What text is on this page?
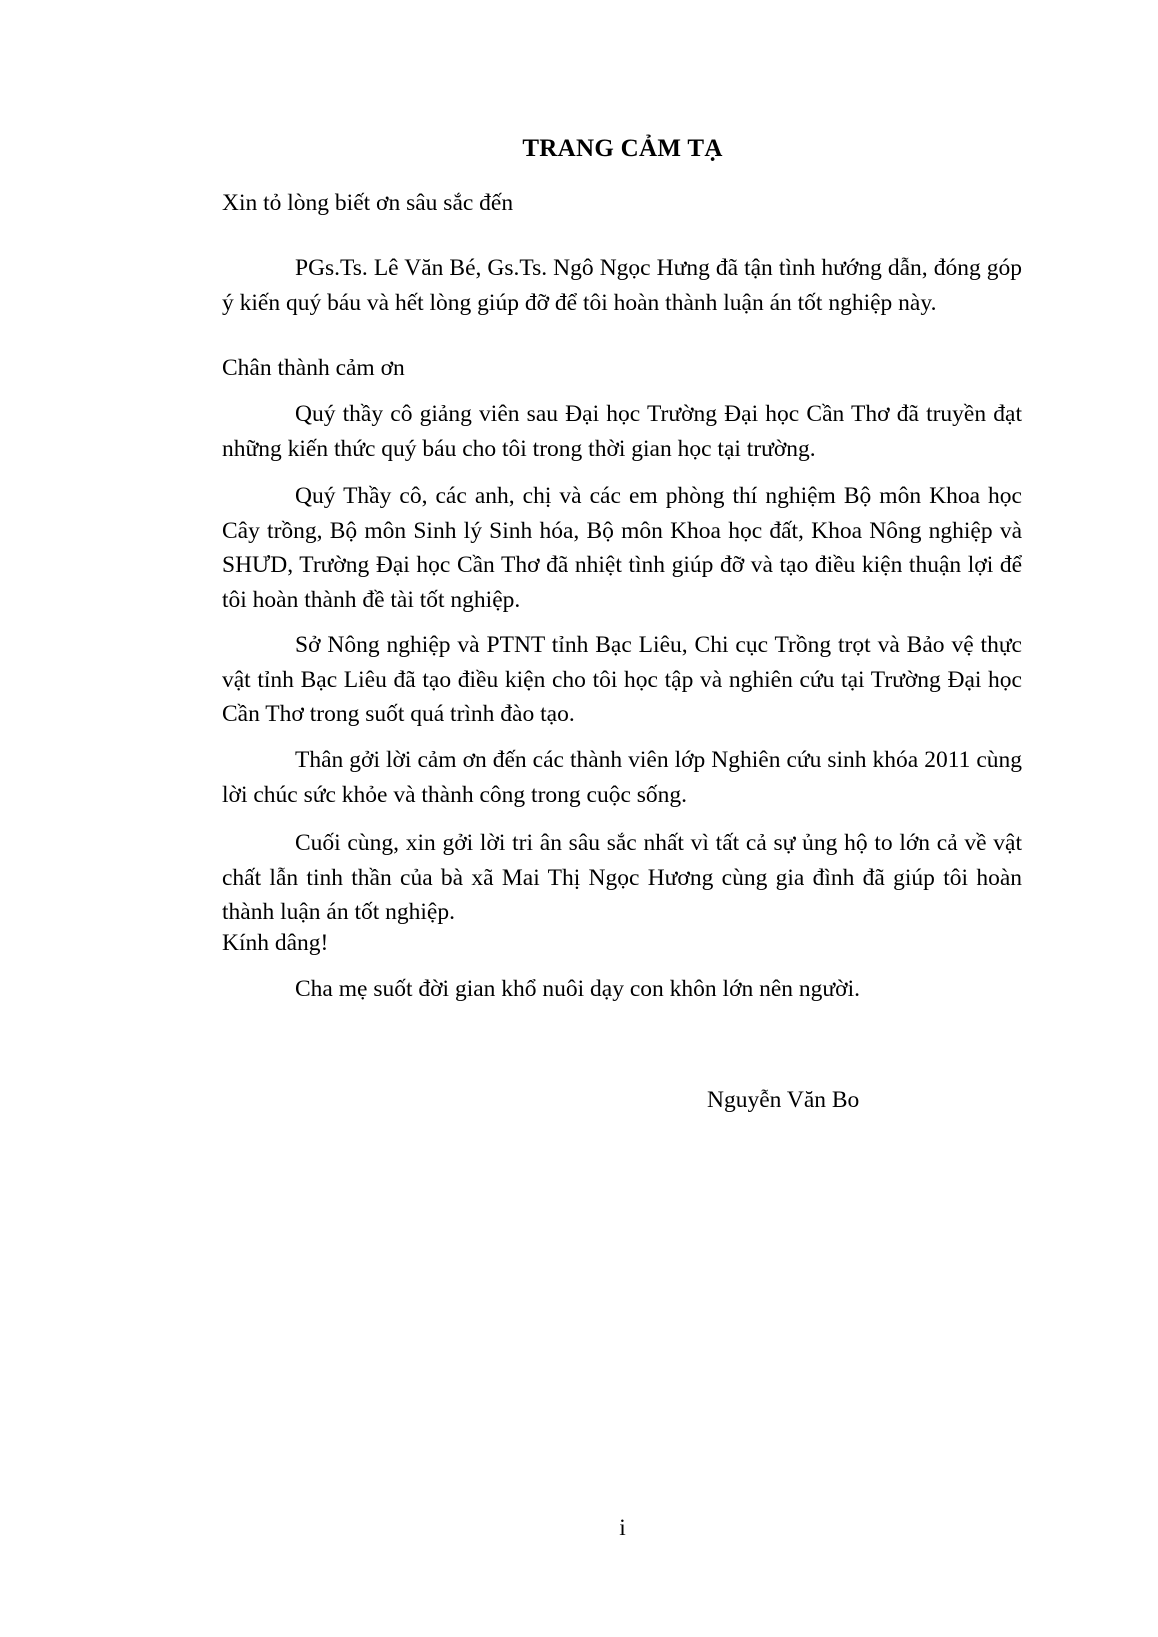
TRANG CẢM TẠ

Xin tỏ lòng biết ơn sâu sắc đến

PGs.Ts. Lê Văn Bé, Gs.Ts. Ngô Ngọc Hưng đã tận tình hướng dẫn, đóng góp ý kiến quý báu và hết lòng giúp đỡ để tôi hoàn thành luận án tốt nghiệp này.

Chân thành cảm ơn

Quý thầy cô giảng viên sau Đại học Trường Đại học Cần Thơ đã truyền đạt những kiến thức quý báu cho tôi trong thời gian học tại trường.

Quý Thầy cô, các anh, chị và các em phòng thí nghiệm Bộ môn Khoa học Cây trồng, Bộ môn Sinh lý Sinh hóa, Bộ môn Khoa học đất, Khoa Nông nghiệp và SHƯD, Trường Đại học Cần Thơ đã nhiệt tình giúp đỡ và tạo điều kiện thuận lợi để tôi hoàn thành đề tài tốt nghiệp.

Sở Nông nghiệp và PTNT tỉnh Bạc Liêu, Chi cục Trồng trọt và Bảo vệ thực vật tỉnh Bạc Liêu đã tạo điều kiện cho tôi học tập và nghiên cứu tại Trường Đại học Cần Thơ trong suốt quá trình đào tạo.

Thân gởi lời cảm ơn đến các thành viên lớp Nghiên cứu sinh khóa 2011 cùng lời chúc sức khỏe và thành công trong cuộc sống.

Cuối cùng, xin gởi lời tri ân sâu sắc nhất vì tất cả sự ủng hộ to lớn cả về vật chất lẫn tinh thần của bà xã Mai Thị Ngọc Hương cùng gia đình đã giúp tôi hoàn thành luận án tốt nghiệp.

Kính dâng!

Cha mẹ suốt đời gian khổ nuôi dạy con khôn lớn nên người.

Nguyễn Văn Bo
i
